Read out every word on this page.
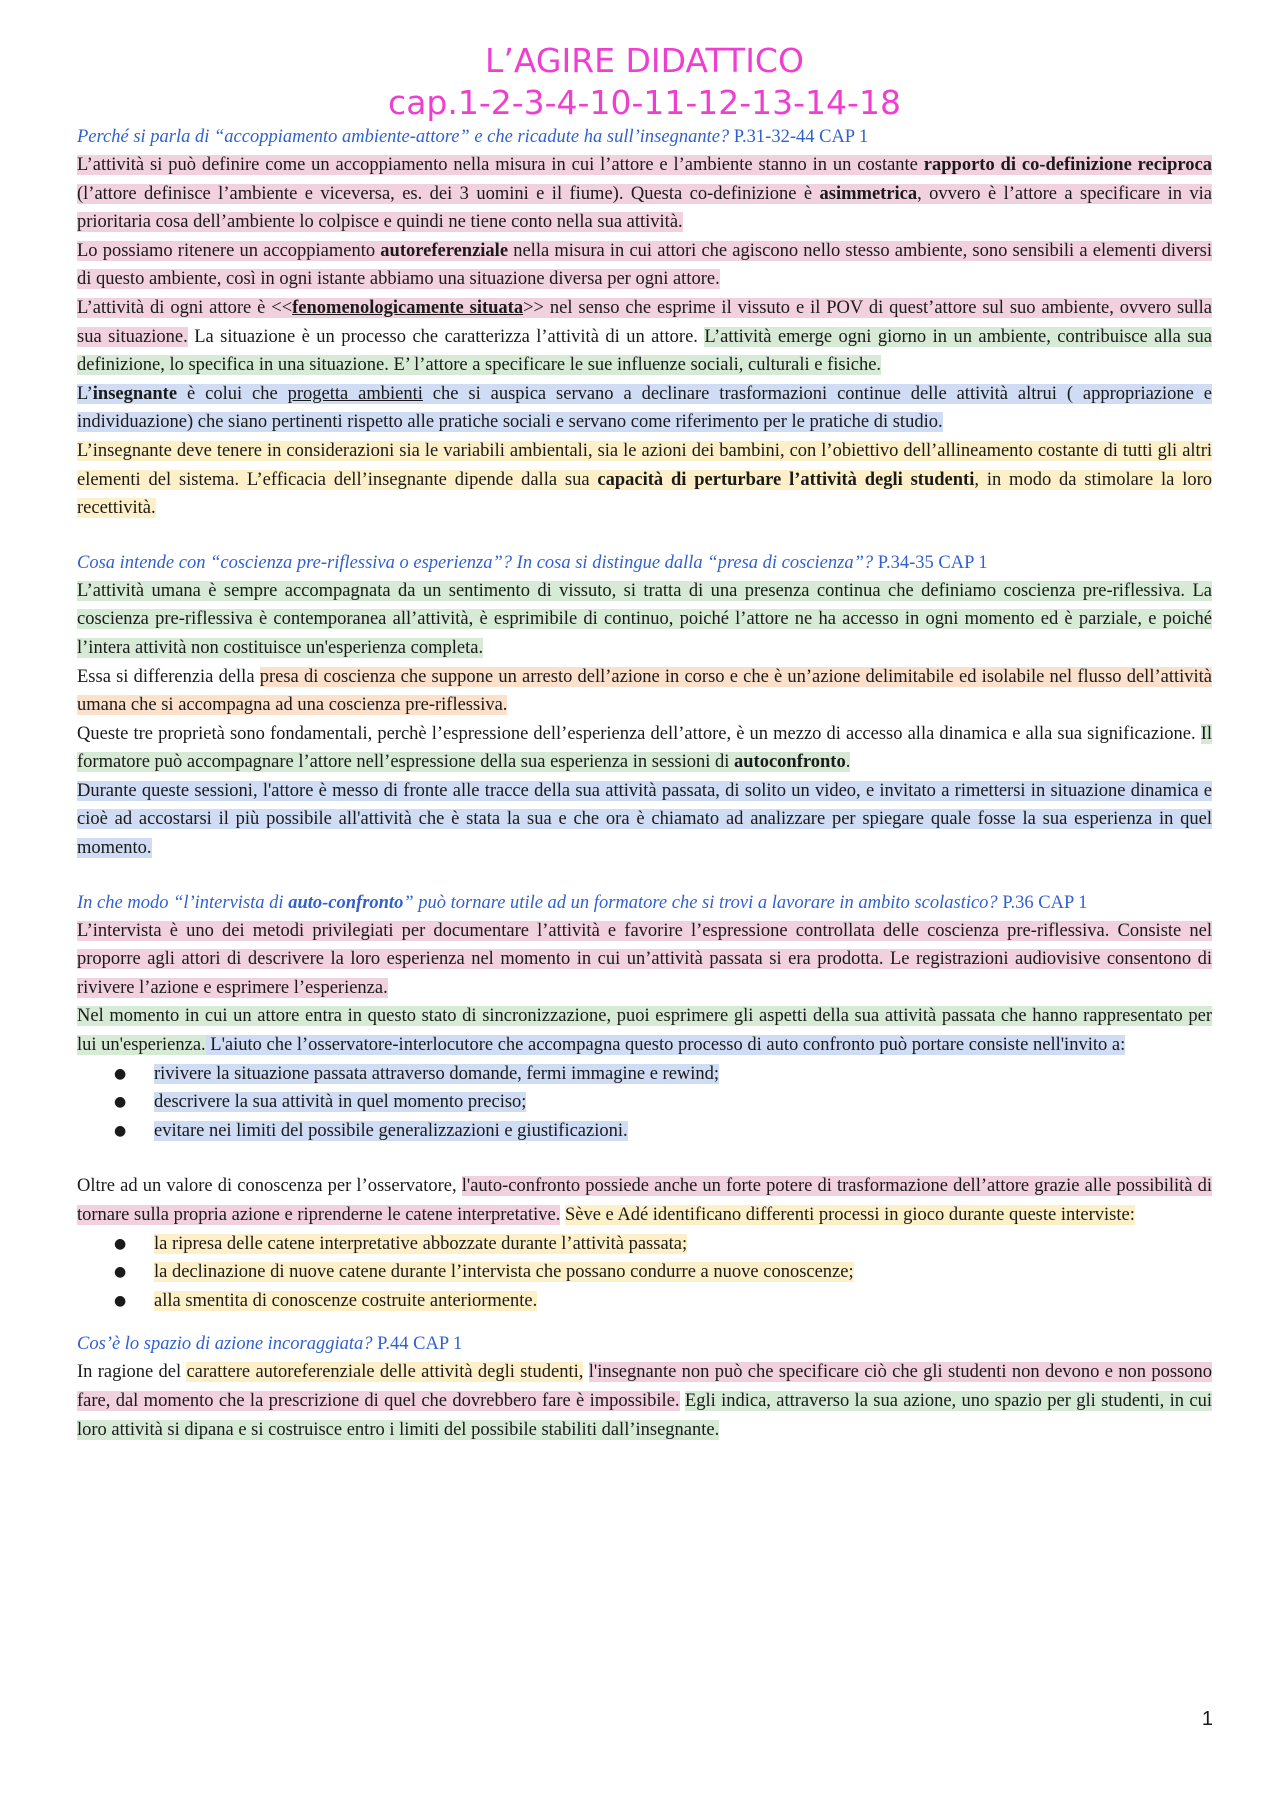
L’AGIRE DIDATTICO
cap.1-2-3-4-10-11-12-13-14-18

Perché si parla di “accoppiamento ambiente-attore” e che ricadute ha sull’insegnante? P.31-32-44 CAP 1

L’attività si può definire come un accoppiamento nella misura in cui l’attore e l’ambiente stanno in un costante rapporto di co-definizione reciproca (l’attore definisce l’ambiente e viceversa, es. dei 3 uomini e il fiume). Questa co-definizione è asimmetrica, ovvero è l’attore a specificare in via prioritaria cosa dell’ambiente lo colpisce e quindi ne tiene conto nella sua attività.

Lo possiamo ritenere un accoppiamento autoreferenziale nella misura in cui attori che agiscono nello stesso ambiente, sono sensibili a elementi diversi di questo ambiente, così in ogni istante abbiamo una situazione diversa per ogni attore.

L’attività di ogni attore è <<fenomenologicamente situata>> nel senso che esprime il vissuto e il POV di quest’attore sul suo ambiente, ovvero sulla sua situazione. La situazione è un processo che caratterizza l’attività di un attore. L’attività emerge ogni giorno in un ambiente, contribuisce alla sua definizione, lo specifica in una situazione. E’ l’attore a specificare le sue influenze sociali, culturali e fisiche.

L’insegnante è colui che progetta ambienti che si auspica servano a declinare trasformazioni continue delle attività altrui ( appropriazione e individuazione) che siano pertinenti rispetto alle pratiche sociali e servano come riferimento per le pratiche di studio.

L’insegnante deve tenere in considerazioni sia le variabili ambientali, sia le azioni dei bambini, con l’obiettivo dell’allineamento costante di tutti gli altri elementi del sistema. L’efficacia dell’insegnante dipende dalla sua capacità di perturbare l’attività degli studenti, in modo da stimolare la loro recettività.

Cosa intende con “coscienza pre-riflessiva o esperienza”? In cosa si distingue dalla “presa di coscienza”? P.34-35 CAP 1

L’attività umana è sempre accompagnata da un sentimento di vissuto, si tratta di una presenza continua che definiamo coscienza pre-riflessiva. La coscienza pre-riflessiva è contemporanea all’attività, è esprimibile di continuo, poiché l’attore ne ha accesso in ogni momento ed è parziale, e poiché l’intera attività non costituisce un'esperienza completa.

Essa si differenzia della presa di coscienza che suppone un arresto dell’azione in corso e che è un’azione delimitabile ed isolabile nel flusso dell’attività umana che si accompagna ad una coscienza pre-riflessiva.

Queste tre proprietà sono fondamentali, perchè l’espressione dell’esperienza dell’attore, è un mezzo di accesso alla dinamica e alla sua significazione. Il formatore può accompagnare l’attore nell’espressione della sua esperienza in sessioni di autoconfronto.

Durante queste sessioni, l'attore è messo di fronte alle tracce della sua attività passata, di solito un video, e invitato a rimettersi in situazione dinamica e cioè ad accostarsi il più possibile all'attività che è stata la sua e che ora è chiamato ad analizzare per spiegare quale fosse la sua esperienza in quel momento.

In che modo “l’intervista di auto-confronto” può tornare utile ad un formatore che si trovi a lavorare in ambito scolastico? P.36 CAP 1

L’intervista è uno dei metodi privilegiati per documentare l’attività e favorire l’espressione controllata delle coscienza pre-riflessiva. Consiste nel proporre agli attori di descrivere la loro esperienza nel momento in cui un’attività passata si era prodotta. Le registrazioni audiovisive consentono di rivivere l’azione e esprimere l’esperienza.

Nel momento in cui un attore entra in questo stato di sincronizzazione, puoi esprimere gli aspetti della sua attività passata che hanno rappresentato per lui un'esperienza. L'aiuto che l’osservatore-interlocutore che accompagna questo processo di auto confronto può portare consiste nell'invito a:

● rivivere la situazione passata attraverso domande, fermi immagine e rewind;
● descrivere la sua attività in quel momento preciso;
● evitare nei limiti del possibile generalizzazioni e giustificazioni.

Oltre ad un valore di conoscenza per l’osservatore, l'auto-confronto possiede anche un forte potere di trasformazione dell’attore grazie alle possibilità di tornare sulla propria azione e riprenderne le catene interpretative. Sève e Adé identificano differenti processi in gioco durante queste interviste:

● la ripresa delle catene interpretative abbozzate durante l’attività passata;
● la declinazione di nuove catene durante l’intervista che possano condurre a nuove conoscenze;
● alla smentita di conoscenze costruite anteriormente.

Cos’è lo spazio di azione incoraggiata? P.44 CAP 1

In ragione del carattere autoreferenziale delle attività degli studenti, l'insegnante non può che specificare ciò che gli studenti non devono e non possono fare, dal momento che la prescrizione di quel che dovrebbero fare è impossibile. Egli indica, attraverso la sua azione, uno spazio per gli studenti, in cui loro attività si dipana e si costruisce entro i limiti del possibile stabiliti dall’insegnante.

1
